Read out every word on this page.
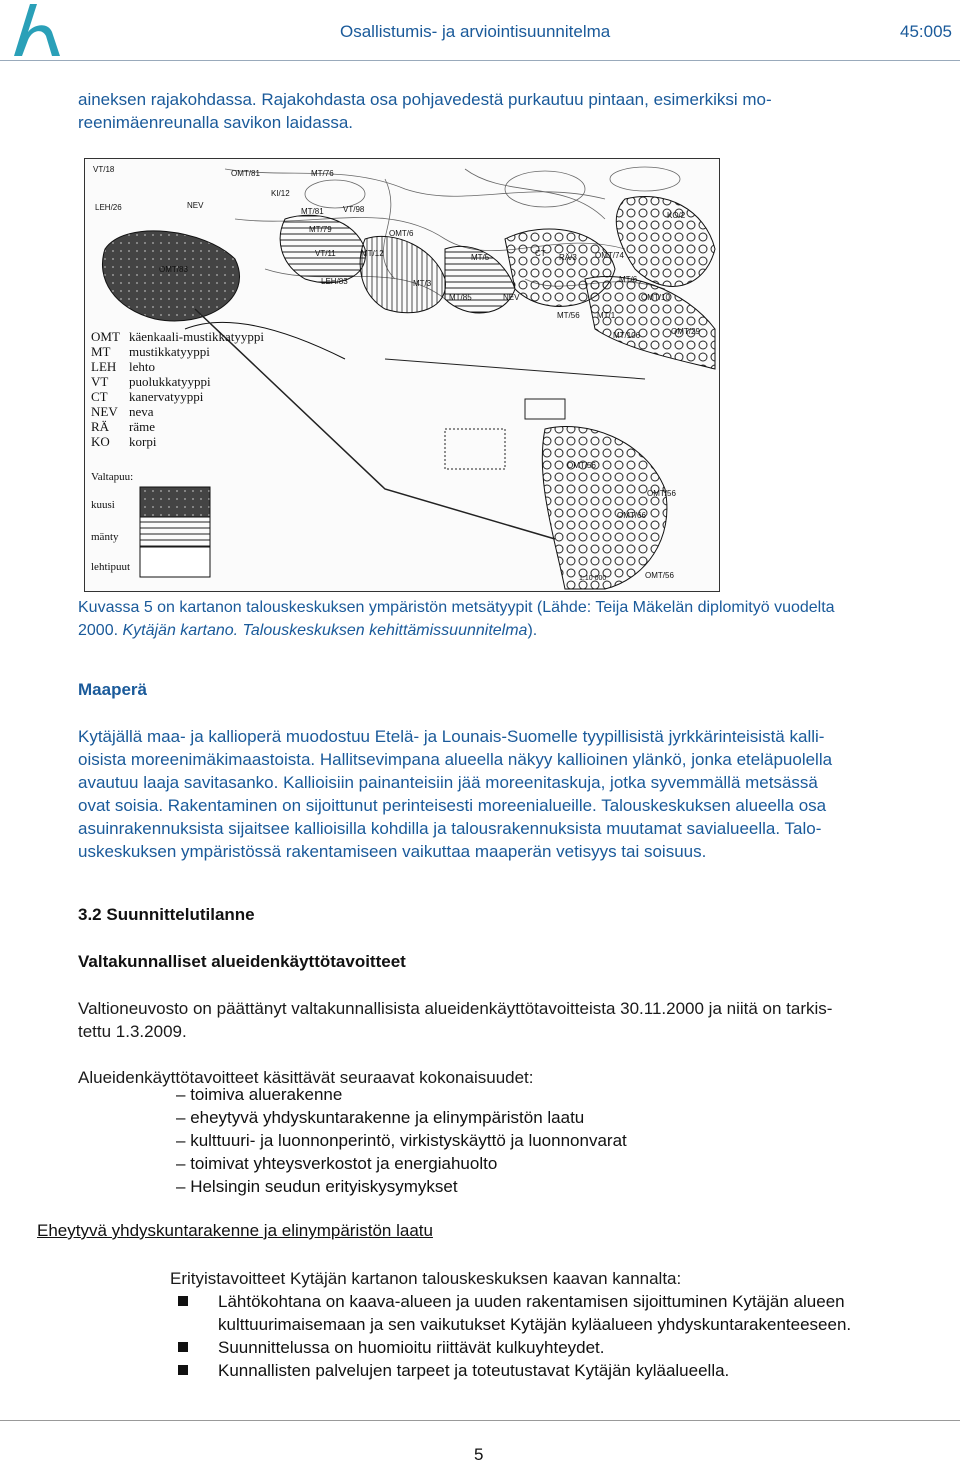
Osallistumis- ja arviointisuunnitelma	45:005
aineksen rajakohdassa. Rajakohdasta osa pohjavedestä purkautuu pintaan, esimerkiksi mo-
reenimäenreunalla savikon laidassa.
VT/18	OMT/81	MT/76
LEH/26	NEV
KI/12
VT/98
MT/81
MT/79	OMT/6
KO/2
OMT/83
VT/11	MT/12	MT/5	CT RÄ/3 OMT/74
LEH/83	MT/3
NEV
MT/6
MT/85
MT/56 MT/1
OMT/10
OMT/29
MT/106
OMT/56
OMT/56
OMT/66
OMT/56
OMT käenkaali-mustikkatyyppi
MT mustikkatyyppi
LEH lehto
VT puolukkatyyppi
CT kanervatyyppi
NEV neva
RÄ räme
KO korpi
Valtapuu:
kuusi
mänty
lehtipuut
1:10 000
Kuvassa 5 on kartanon talouskeskuksen ympäristön metsätyypit (Lähde: Teija Mäkelän diplomityö vuodelta
2000. Kytäjän kartano. Talouskeskuksen kehittämissuunnitelma).
Maaperä
Kytäjällä maa- ja kallioperä muodostuu Etelä- ja Lounais-Suomelle tyypillisistä jyrkkärinteisistä kalli-
oisista moreenimäkimaastoista. Hallitsevimpana alueella näkyy kallioinen ylänkö, jonka eteläpuolella
avautuu laaja savitasanko. Kallioisiin painanteisiin jää moreenitaskuja, jotka syvemmällä metsässä
ovat soisia. Rakentaminen on sijoittunut perinteisesti moreenialueille. Talouskeskuksen alueella osa
asuinrakennuksista sijaitsee kallioisilla kohdilla ja talousrakennuksista muutamat savialueella. Talo-
uskeskuksen ympäristössä rakentamiseen vaikuttaa maaperän vetisyys tai soisuus.
3.2 Suunnittelutilanne
Valtakunnalliset alueidenkäyttötavoitteet
Valtioneuvosto on päättänyt valtakunnallisista alueidenkäyttötavoitteista 30.11.2000 ja niitä on tarkis-
tettu 1.3.2009.
Alueidenkäyttötavoitteet käsittävät seuraavat kokonaisuudet:
– toimiva aluerakenne
– eheytyvä yhdyskuntarakenne ja elinympäristön laatu
– kulttuuri- ja luonnonperintö, virkistyskäyttö ja luonnonvarat
– toimivat yhteysverkostot ja energiahuolto
– Helsingin seudun erityiskysymykset
Eheytyvä yhdyskuntarakenne ja elinympäristön laatu
Erityistavoitteet Kytäjän kartanon talouskeskuksen kaavan kannalta:
Lähtökohtana on kaava-alueen ja uuden rakentamisen sijoittuminen Kytäjän alueen kulttuurimaisemaan ja sen vaikutukset Kytäjän kyläalueen yhdyskuntarakenteeseen.
Suunnittelussa on huomioitu riittävät kulkuyhteydet.
Kunnallisten palvelujen tarpeet ja toteutustavat Kytäjän kyläalueella.
5
